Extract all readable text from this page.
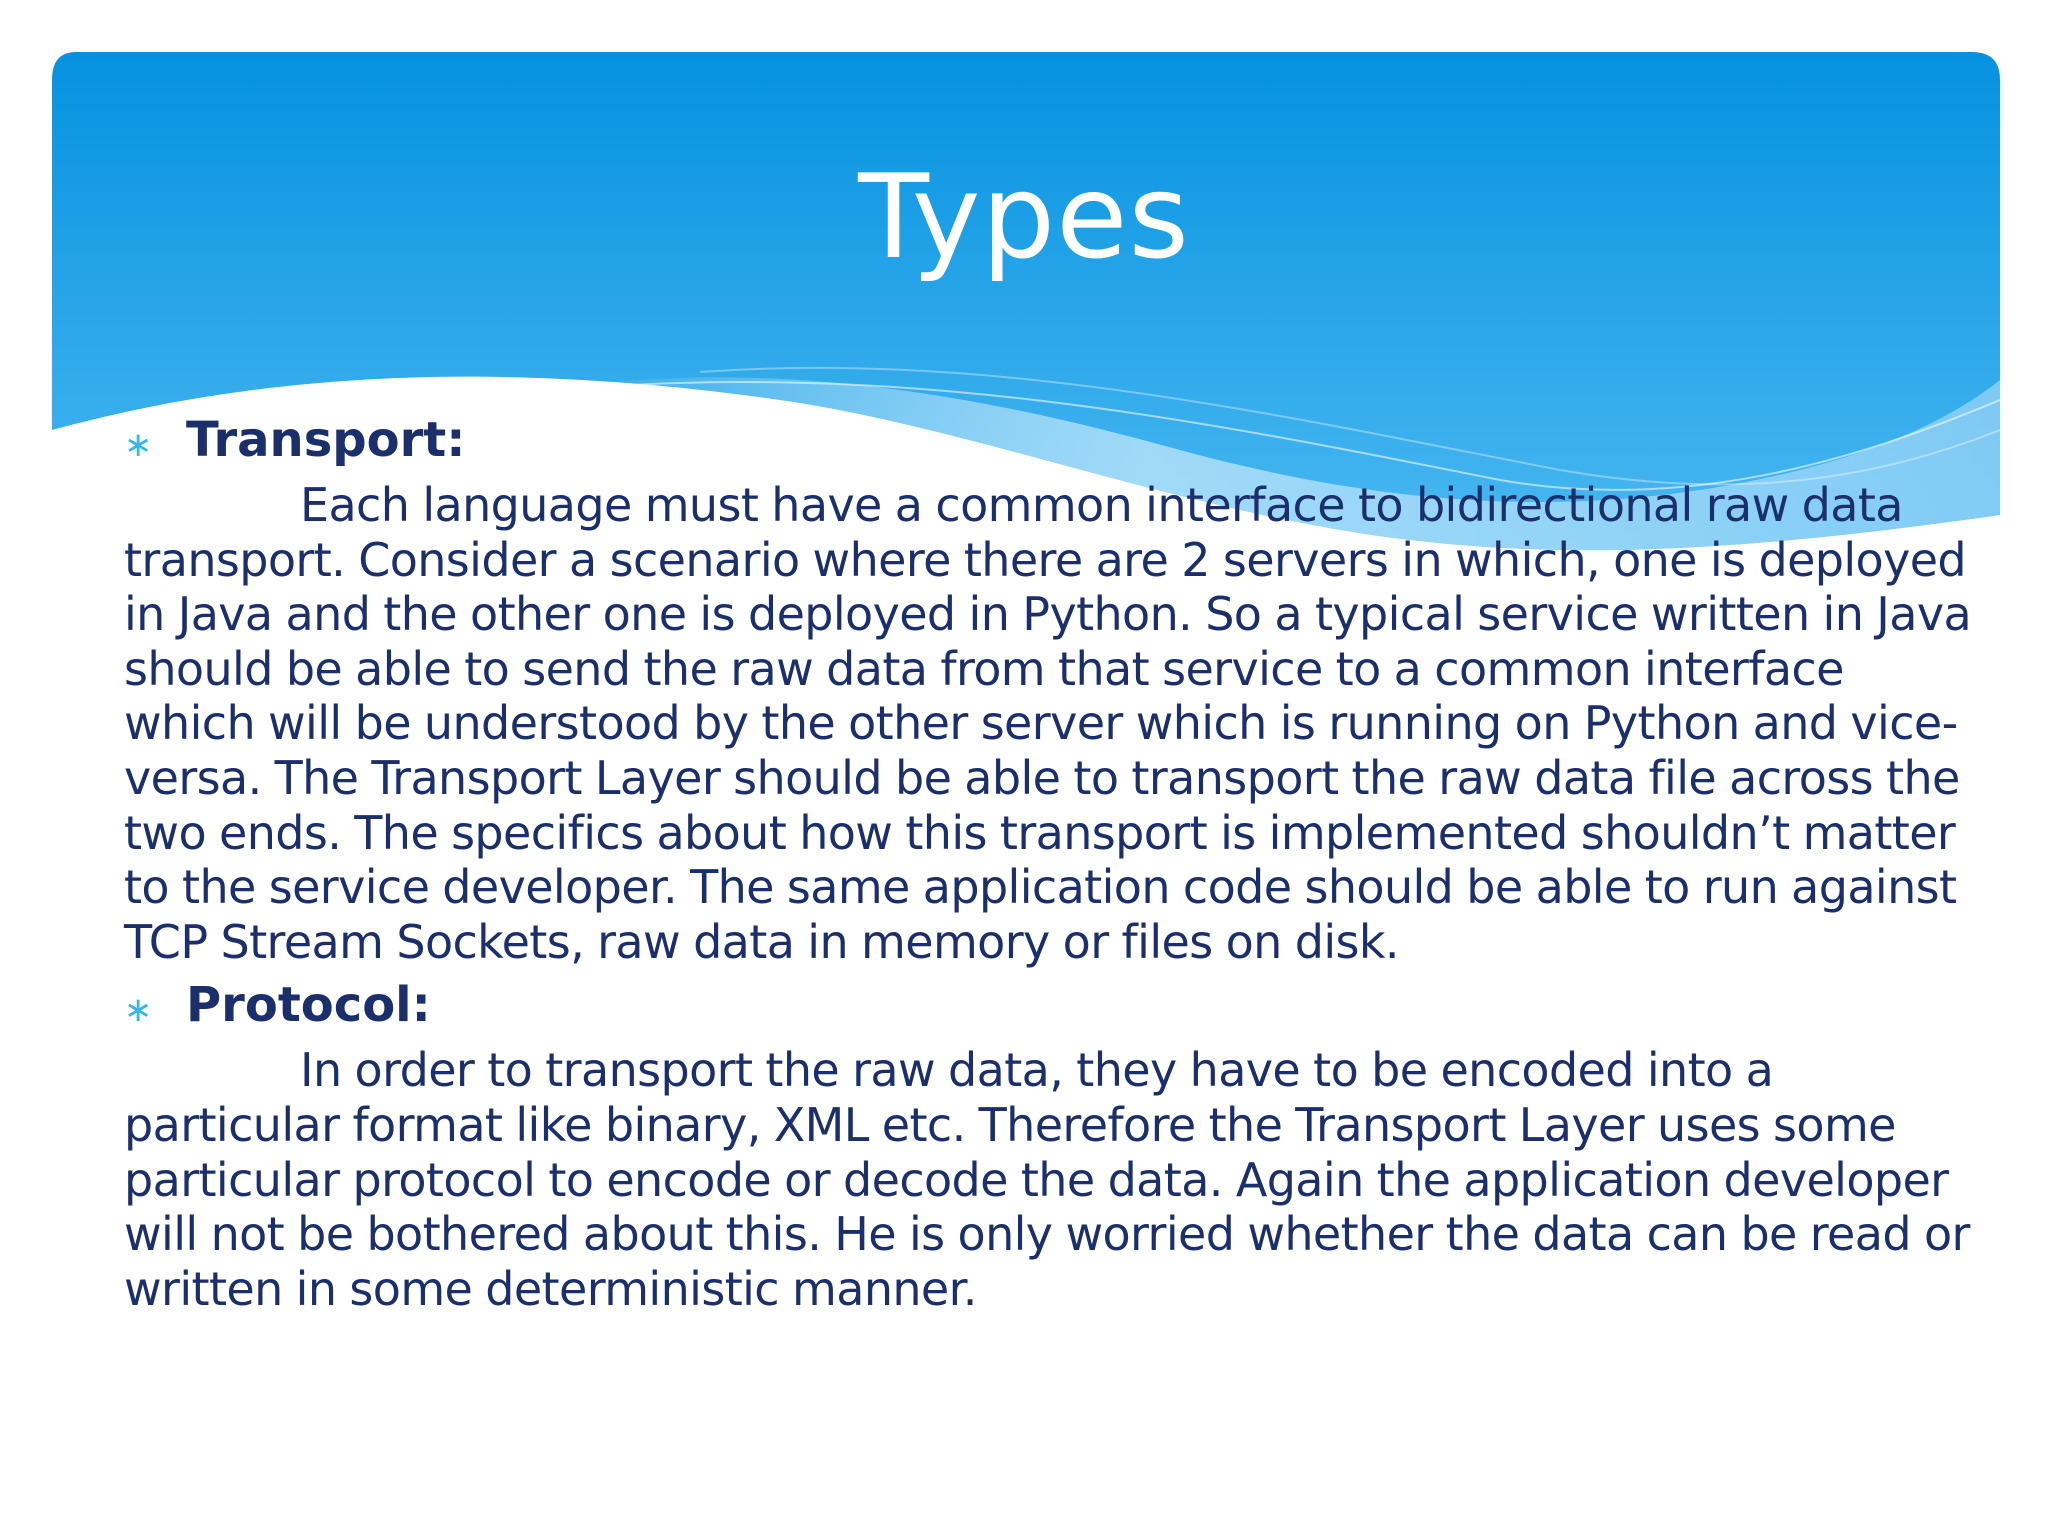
Types
∗ Transport:

Each language must have a common interface to bidirectional raw data transport. Consider a scenario where there are 2 servers in which, one is deployed in Java and the other one is deployed in Python. So a typical service written in Java should be able to send the raw data from that service to a common interface which will be understood by the other server which is running on Python and vice-versa. The Transport Layer should be able to transport the raw data file across the two ends. The specifics about how this transport is implemented shouldn’t matter to the service developer. The same application code should be able to run against TCP Stream Sockets, raw data in memory or files on disk.

∗ Protocol:

In order to transport the raw data, they have to be encoded into a particular format like binary, XML etc. Therefore the Transport Layer uses some particular protocol to encode or decode the data. Again the application developer will not be bothered about this. He is only worried whether the data can be read or written in some deterministic manner.
